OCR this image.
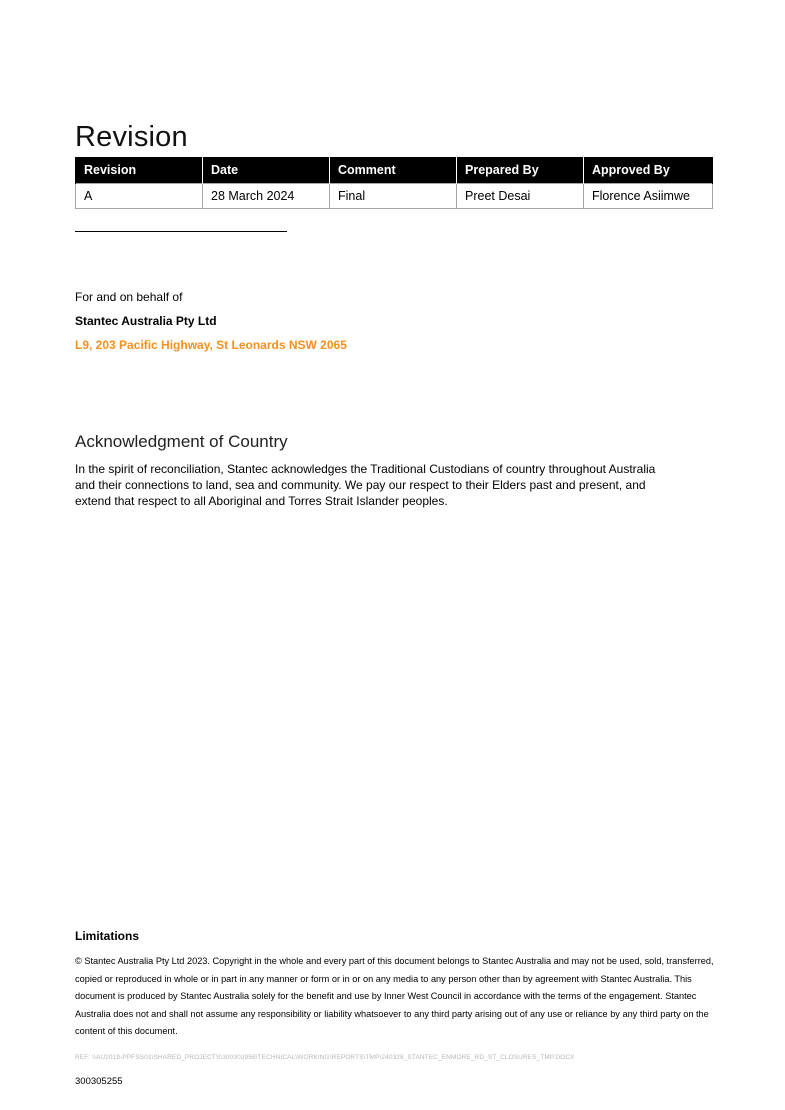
Revision
Revision	Date	Comment	Prepared By	Approved By
A	28 March 2024	Final	Preet Desai	Florence Asiimwe
For and on behalf of
Stantec Australia Pty Ltd
L9, 203 Pacific Highway, St Leonards NSW 2065
Acknowledgment of Country
In the spirit of reconciliation, Stantec acknowledges the Traditional Custodians of country throughout Australia and their connections to land, sea and community. We pay our respect to their Elders past and present, and extend that respect to all Aboriginal and Torres Strait Islander peoples.
Limitations
© Stantec Australia Pty Ltd 2023. Copyright in the whole and every part of this document belongs to Stantec Australia and may not be used, sold, transferred, copied or reproduced in whole or in part in any manner or form or in or on any media to any person other than by agreement with Stantec Australia. This document is produced by Stantec Australia solely for the benefit and use by Inner West Council in accordance with the terms of the engagement. Stantec Australia does not and shall not assume any responsibility or liability whatsoever to any third party arising out of any use or reliance by any third party on the content of this document.
REF: \\AU2019-PPFSS01\SHARED_PROJECTS\300303958\TECHNICAL\WORKING\REPORTS\TMP\240328_STANTEC_ENMORE_RD_ST_CLOSURES_TMP.DOCX
300305255
